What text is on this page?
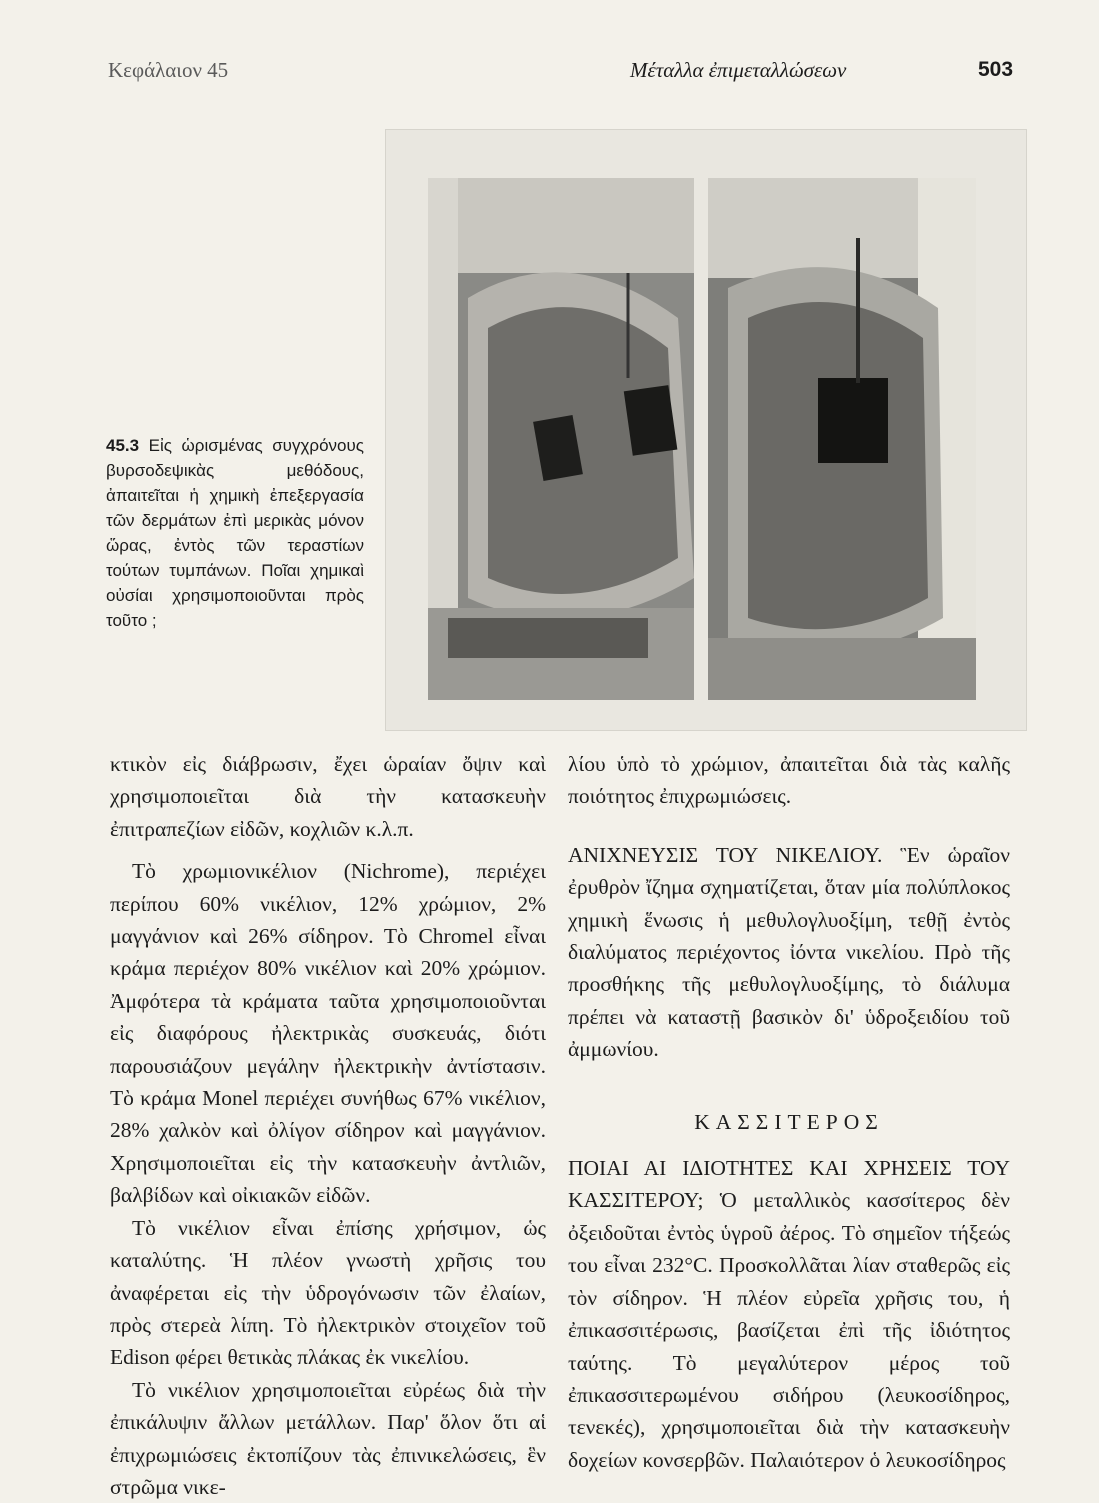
Κεφάλαιον 45	Μέταλλα ἐπιμεταλλώσεων	503
45.3 Εἰς ὡρισμένας συγχρόνους βυρσοδεψικὰς μεθόδους, ἀπαιτεῖται ἡ χημικὴ ἐπεξεργασία τῶν δερμάτων ἐπὶ μερικὰς μόνον ὥρας, ἐντὸς τῶν τεραστίων τούτων τυμπάνων. Ποῖαι χημικαὶ οὐσίαι χρησιμοποιοῦνται πρὸς τοῦτο ;

κτικὸν εἰς διάβρωσιν, ἔχει ὡραίαν ὄψιν καὶ χρησιμοποιεῖται διὰ τὴν κατασκευὴν ἐπιτραπεζίων εἰδῶν, κοχλιῶν κ.λ.π.

Τὸ χρωμιονικέλιον (Nichrome), περιέχει περίπου 60% νικέλιον, 12% χρώμιον, 2% μαγγάνιον καὶ 26% σίδηρον. Τὸ Chromel εἶναι κράμα περιέχον 80% νικέλιον καὶ 20% χρώμιον. Ἀμφότερα τὰ κράματα ταῦτα χρησιμοποιοῦνται εἰς διαφόρους ἠλεκτρικὰς συσκευάς, διότι παρουσιάζουν μεγάλην ἠλεκτρικὴν ἀντίστασιν. Τὸ κράμα Monel περιέχει συνήθως 67% νικέλιον, 28% χαλκὸν καὶ ὀλίγον σίδηρον καὶ μαγγάνιον. Χρησιμοποιεῖται εἰς τὴν κατασκευὴν ἀντλιῶν, βαλβίδων καὶ οἰκιακῶν εἰδῶν.

Τὸ νικέλιον εἶναι ἐπίσης χρήσιμον, ὡς καταλύτης. Ἡ πλέον γνωστὴ χρῆσις του ἀναφέρεται εἰς τὴν ὑδρογόνωσιν τῶν ἐλαίων, πρὸς στερεὰ λίπη. Τὸ ἠλεκτρικὸν στοιχεῖον τοῦ Edison φέρει θετικὰς πλάκας ἐκ νικελίου.

Τὸ νικέλιον χρησιμοποιεῖται εὐρέως διὰ τὴν ἐπικάλυψιν ἄλλων μετάλλων. Παρ' ὅλον ὅτι αἱ ἐπιχρωμιώσεις ἐκτοπίζουν τὰς ἐπινικελώσεις, ἓν στρῶμα νικε-

λίου ὑπὸ τὸ χρώμιον, ἀπαιτεῖται διὰ τὰς καλῆς ποιότητος ἐπιχρωμιώσεις.

ΑΝΙΧΝΕΥΣΙΣ ΤΟΥ ΝΙΚΕΛΙΟΥ. Ἓν ὡραῖον ἐρυθρὸν ἴζημα σχηματίζεται, ὅταν μία πολύπλοκος χημικὴ ἕνωσις ἡ μεθυλογλυοξίμη, τεθῇ ἐντὸς διαλύματος περιέχοντος ἰόντα νικελίου. Πρὸ τῆς προσθήκης τῆς μεθυλογλυοξίμης, τὸ διάλυμα πρέπει νὰ καταστῇ βασικὸν δι' ὑδροξειδίου τοῦ ἀμμωνίου.

ΚΑΣΣΙΤΕΡΟΣ

ΠΟΙΑΙ ΑΙ ΙΔΙΟΤΗΤΕΣ ΚΑΙ ΧΡΗΣΕΙΣ ΤΟΥ ΚΑΣΣΙΤΕΡΟΥ; Ὁ μεταλλικὸς κασσίτερος δὲν ὀξειδοῦται ἐντὸς ὑγροῦ ἀέρος. Τὸ σημεῖον τήξεώς του εἶναι 232°C. Προσκολλᾶται λίαν σταθερῶς εἰς τὸν σίδηρον. Ἡ πλέον εὐρεῖα χρῆσις του, ἡ ἐπικασσιτέρωσις, βασίζεται ἐπὶ τῆς ἰδιότητος ταύτης. Τὸ μεγαλύτερον μέρος τοῦ ἐπικασσιτερωμένου σιδήρου (λευκοσίδηρος, τενεκές), χρησιμοποιεῖται διὰ τὴν κατασκευὴν δοχείων κονσερβῶν. Παλαιότερον ὁ λευκοσίδηρος
